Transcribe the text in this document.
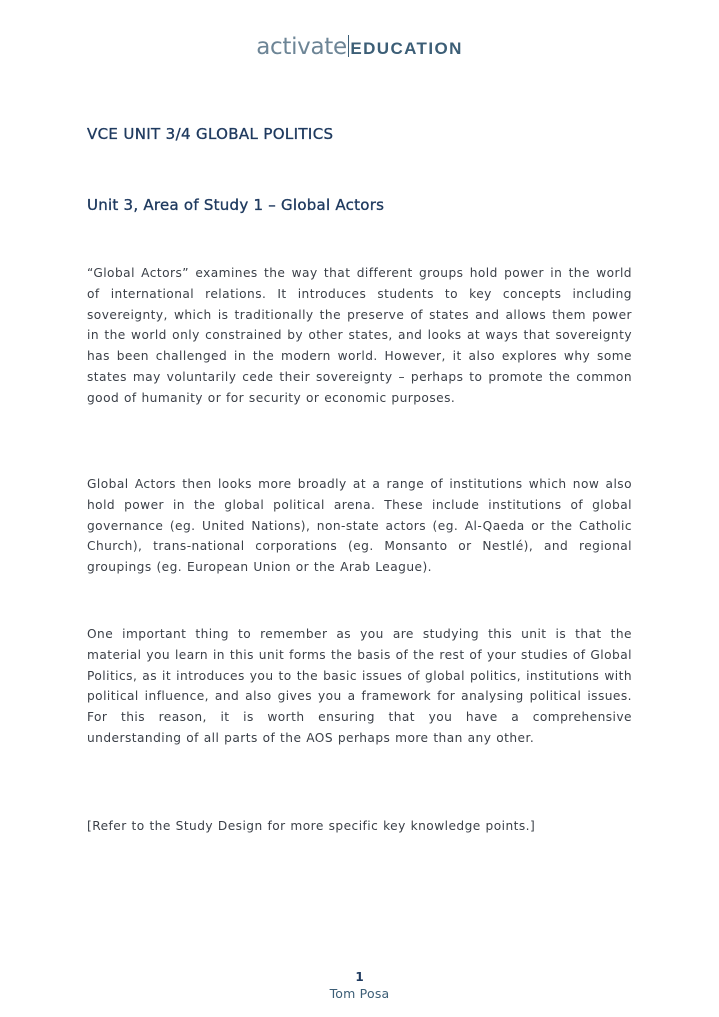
activate EDUCATION
VCE UNIT 3/4 GLOBAL POLITICS
Unit 3, Area of Study 1 – Global Actors

“Global Actors” examines the way that different groups hold power in the world of international relations. It introduces students to key concepts including sovereignty, which is traditionally the preserve of states and allows them power in the world only constrained by other states, and looks at ways that sovereignty has been challenged in the modern world. However, it also explores why some states may voluntarily cede their sovereignty – perhaps to promote the common good of humanity or for security or economic purposes.

Global Actors then looks more broadly at a range of institutions which now also hold power in the global political arena. These include institutions of global governance (eg. United Nations), non-state actors (eg. Al-Qaeda or the Catholic Church), trans-national corporations (eg. Monsanto or Nestlé), and regional groupings (eg. European Union or the Arab League).

One important thing to remember as you are studying this unit is that the material you learn in this unit forms the basis of the rest of your studies of Global Politics, as it introduces you to the basic issues of global politics, institutions with political influence, and also gives you a framework for analysing political issues. For this reason, it is worth ensuring that you have a comprehensive understanding of all parts of the AOS perhaps more than any other.

[Refer to the Study Design for more specific key knowledge points.]

1
Tom Posa
